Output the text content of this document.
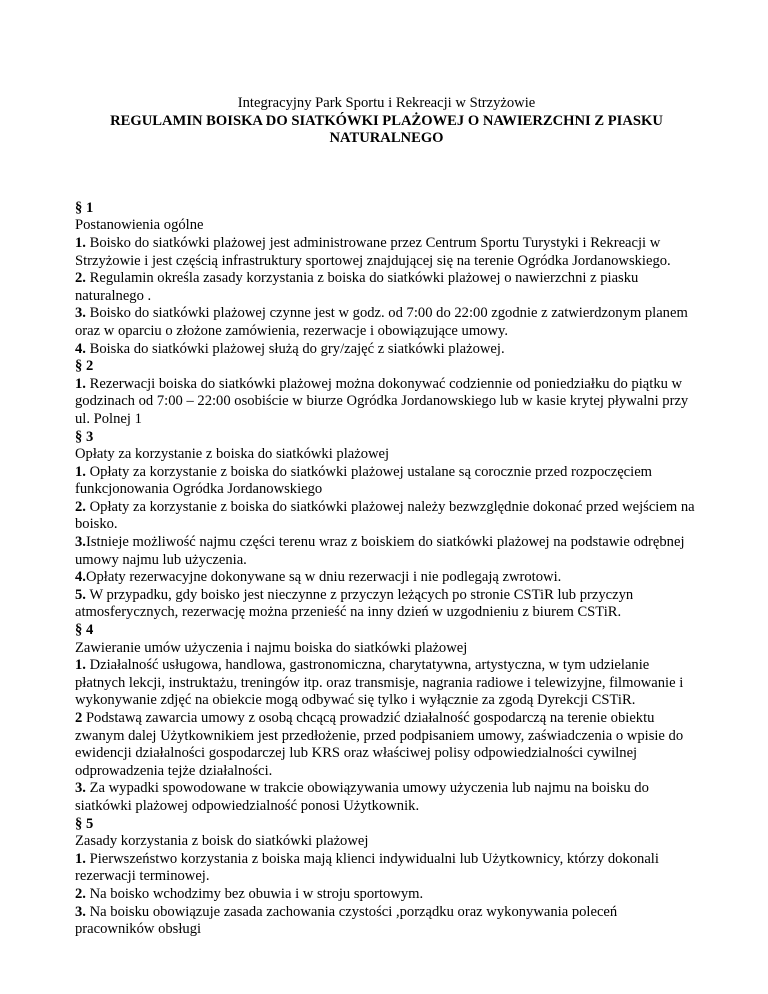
Integracyjny Park Sportu i Rekreacji w Strzyżowie
REGULAMIN BOISKA DO SIATKÓWKI PLAŻOWEJ O NAWIERZCHNI Z PIASKU
NATURALNEGO
§ 1
Postanowienia ogólne

1. Boisko do siatkówki plażowej jest administrowane przez Centrum Sportu Turystyki i Rekreacji w Strzyżowie i jest częścią infrastruktury sportowej znajdującej się na terenie Ogródka Jordanowskiego.

2. Regulamin określa zasady korzystania z boiska do siatkówki plażowej o nawierzchni z piasku naturalnego .

3. Boisko do siatkówki plażowej czynne jest w godz. od 7:00 do 22:00 zgodnie z zatwierdzonym planem oraz w oparciu o złożone zamówienia, rezerwacje i obowiązujące umowy.

4. Boiska do siatkówki plażowej służą do gry/zajęć z siatkówki plażowej.

§ 2

1. Rezerwacji boiska do siatkówki plażowej można dokonywać codziennie od poniedziałku do piątku w godzinach od 7:00 – 22:00 osobiście w biurze Ogródka Jordanowskiego lub w kasie krytej pływalni przy ul. Polnej 1

§ 3
Opłaty za korzystanie z boiska do siatkówki plażowej

1. Opłaty za korzystanie z boiska do siatkówki plażowej ustalane są corocznie przed rozpoczęciem funkcjonowania Ogródka Jordanowskiego

2. Opłaty za korzystanie z boiska do siatkówki plażowej należy bezwzględnie dokonać przed wejściem na boisko.

3.Istnieje możliwość najmu części terenu wraz z boiskiem do siatkówki plażowej na podstawie odrębnej umowy najmu lub użyczenia.

4.Opłaty rezerwacyjne dokonywane są w dniu rezerwacji i nie podlegają zwrotowi.

5. W przypadku, gdy boisko jest nieczynne z przyczyn leżących po stronie CSTiR lub przyczyn atmosferycznych, rezerwację można przenieść na inny dzień w uzgodnieniu z biurem CSTiR.

§ 4
Zawieranie umów użyczenia i najmu boiska do siatkówki plażowej

1. Działalność usługowa, handlowa, gastronomiczna, charytatywna, artystyczna, w tym udzielanie płatnych lekcji, instruktażu, treningów itp. oraz transmisje, nagrania radiowe i telewizyjne, filmowanie i wykonywanie zdjęć na obiekcie mogą odbywać się tylko i wyłącznie za zgodą Dyrekcji CSTiR.

2 Podstawą zawarcia umowy z osobą chcącą prowadzić działalność gospodarczą na terenie obiektu zwanym dalej Użytkownikiem jest przedłożenie, przed podpisaniem umowy, zaświadczenia o wpisie do ewidencji działalności gospodarczej lub KRS oraz właściwej polisy odpowiedzialności cywilnej odprowadzenia tejże działalności.

3. Za wypadki spowodowane w trakcie obowiązywania umowy użyczenia lub najmu na boisku do siatkówki plażowej odpowiedzialność ponosi Użytkownik.

§ 5
Zasady korzystania z boisk do siatkówki plażowej

1. Pierwszeństwo korzystania z boiska mają klienci indywidualni lub Użytkownicy, którzy dokonali rezerwacji terminowej.

2. Na boisko wchodzimy bez obuwia i w stroju sportowym.

3. Na boisku obowiązuje zasada zachowania czystości ,porządku oraz wykonywania poleceń pracowników obsługi
